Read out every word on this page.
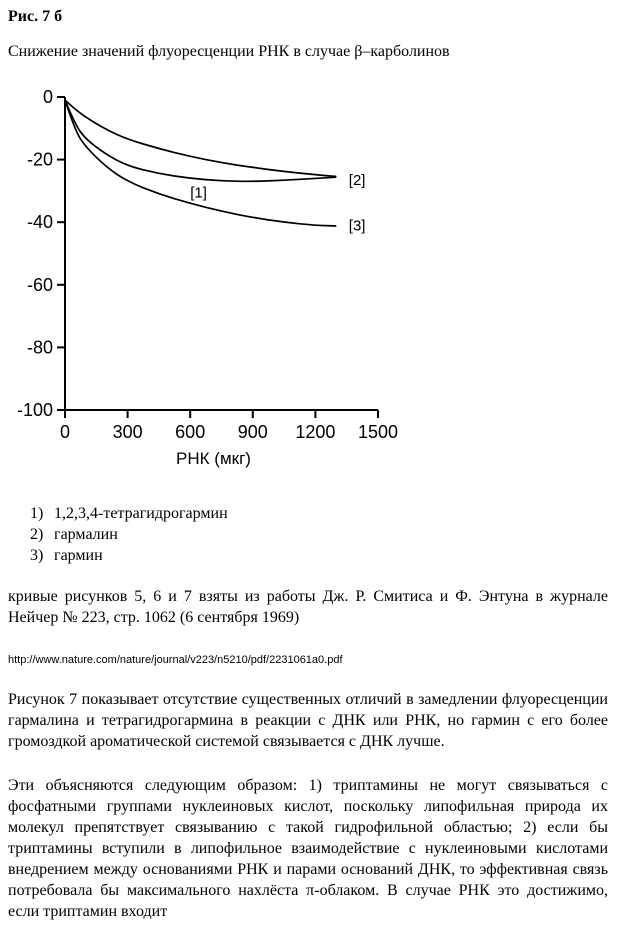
Рис. 7 б
Снижение значений флуоресценции РНК в случае β–карболинов
0
-20
-40
-60
-80
-100
0 300 600 900 1200 1500
РНК (мкг)
[1]
[2]
[3]
1) 1,2,3,4-тетрагидрогармин
2) гармалин
3) гармин

кривые рисунков 5, 6 и 7 взяты из работы Дж. Р. Смитиса и Ф. Энтуна в журнале Нейчер № 223, стр. 1062 (6 сентября 1969)

http://www.nature.com/nature/journal/v223/n5210/pdf/2231061a0.pdf

Рисунок 7 показывает отсутствие существенных отличий в замедлении флуоресценции гармалина и тетрагидрогармина в реакции с ДНК или РНК, но гармин с его более громоздкой ароматической системой связывается с ДНК лучше.

Эти объясняются следующим образом: 1) триптамины не могут связываться с фосфатными группами нуклеиновых кислот, поскольку липофильная природа их молекул препятствует связыванию с такой гидрофильной областью; 2) если бы триптамины вступили в липофильное взаимодействие с нуклеиновыми кислотами внедрением между основаниями РНК и парами оснований ДНК, то эффективная связь потребовала бы максимального нахлёста π-облаком. В случае РНК это достижимо, если триптамин входит
